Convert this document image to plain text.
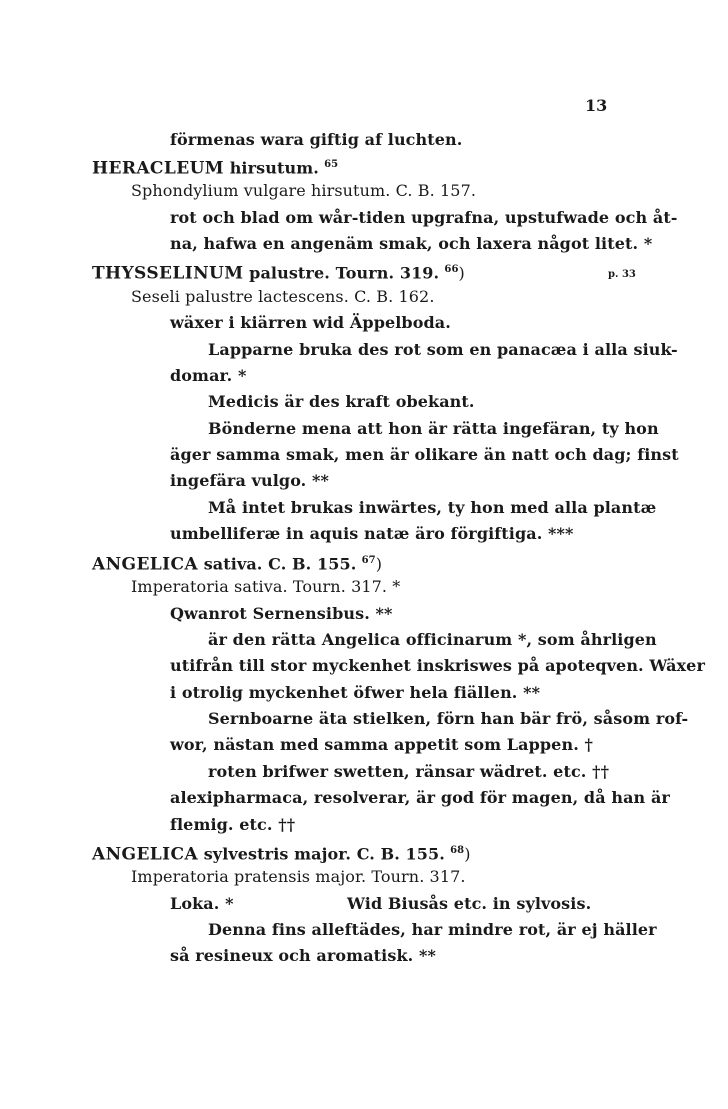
13
p. 33
förmenas wara giftig af luchten.
HERACLEUM hirsutum. $^{65}$
Sphondylium vulgare hirsutum. C. B. 157.
rot och blad om wår-tiden upgrafna, upstufwade och åt-
na, hafwa en angenäm smak, och laxera något litet. *
THYSSELINUM palustre. Tourn. 319. $^{66}$)
Seseli palustre lactescens. C. B. 162.
wäxer i kiärren wid Äppelboda.
Lapparne bruka des rot som en panacæa i alla siuk-
domar. *
Medicis är des kraft obekant.
Bönderne mena att hon är rätta ingefäran, ty hon
äger samma smak, men är olikare än natt och dag; finst
ingefära vulgo. **
Må intet brukas inwärtes, ty hon med alla plantæ
umbelliferæ in aquis natæ äro förgiftiga. ***
ANGELICA sativa. C. B. 155. $^{67}$)
Imperatoria sativa. Tourn. 317. *
Qwanrot Sernensibus. **
är den rätta Angelica officinarum *, som åhrligen
utifrån till stor myckenhet inskriswes på apoteqven. Wäxer
i otrolig myckenhet öfwer hela fiällen. **
Sernboarne äta stielken, förn han bär frö, såsom rof-
wor, nästan med samma appetit som Lappen. †
roten brifwer swetten, ränsar wädret. etc. ††
alexipharmaca, resolverar, är god för magen, då han är
flemig. etc. ††
ANGELICA sylvestris major. C. B. 155. $^{68}$)
Imperatoria pratensis major. Tourn. 317.
Loka. *                    Wid Biusås etc. in sylvosis.
Denna fins alleftädes, har mindre rot, är ej häller
så resineux och aromatisk. **
